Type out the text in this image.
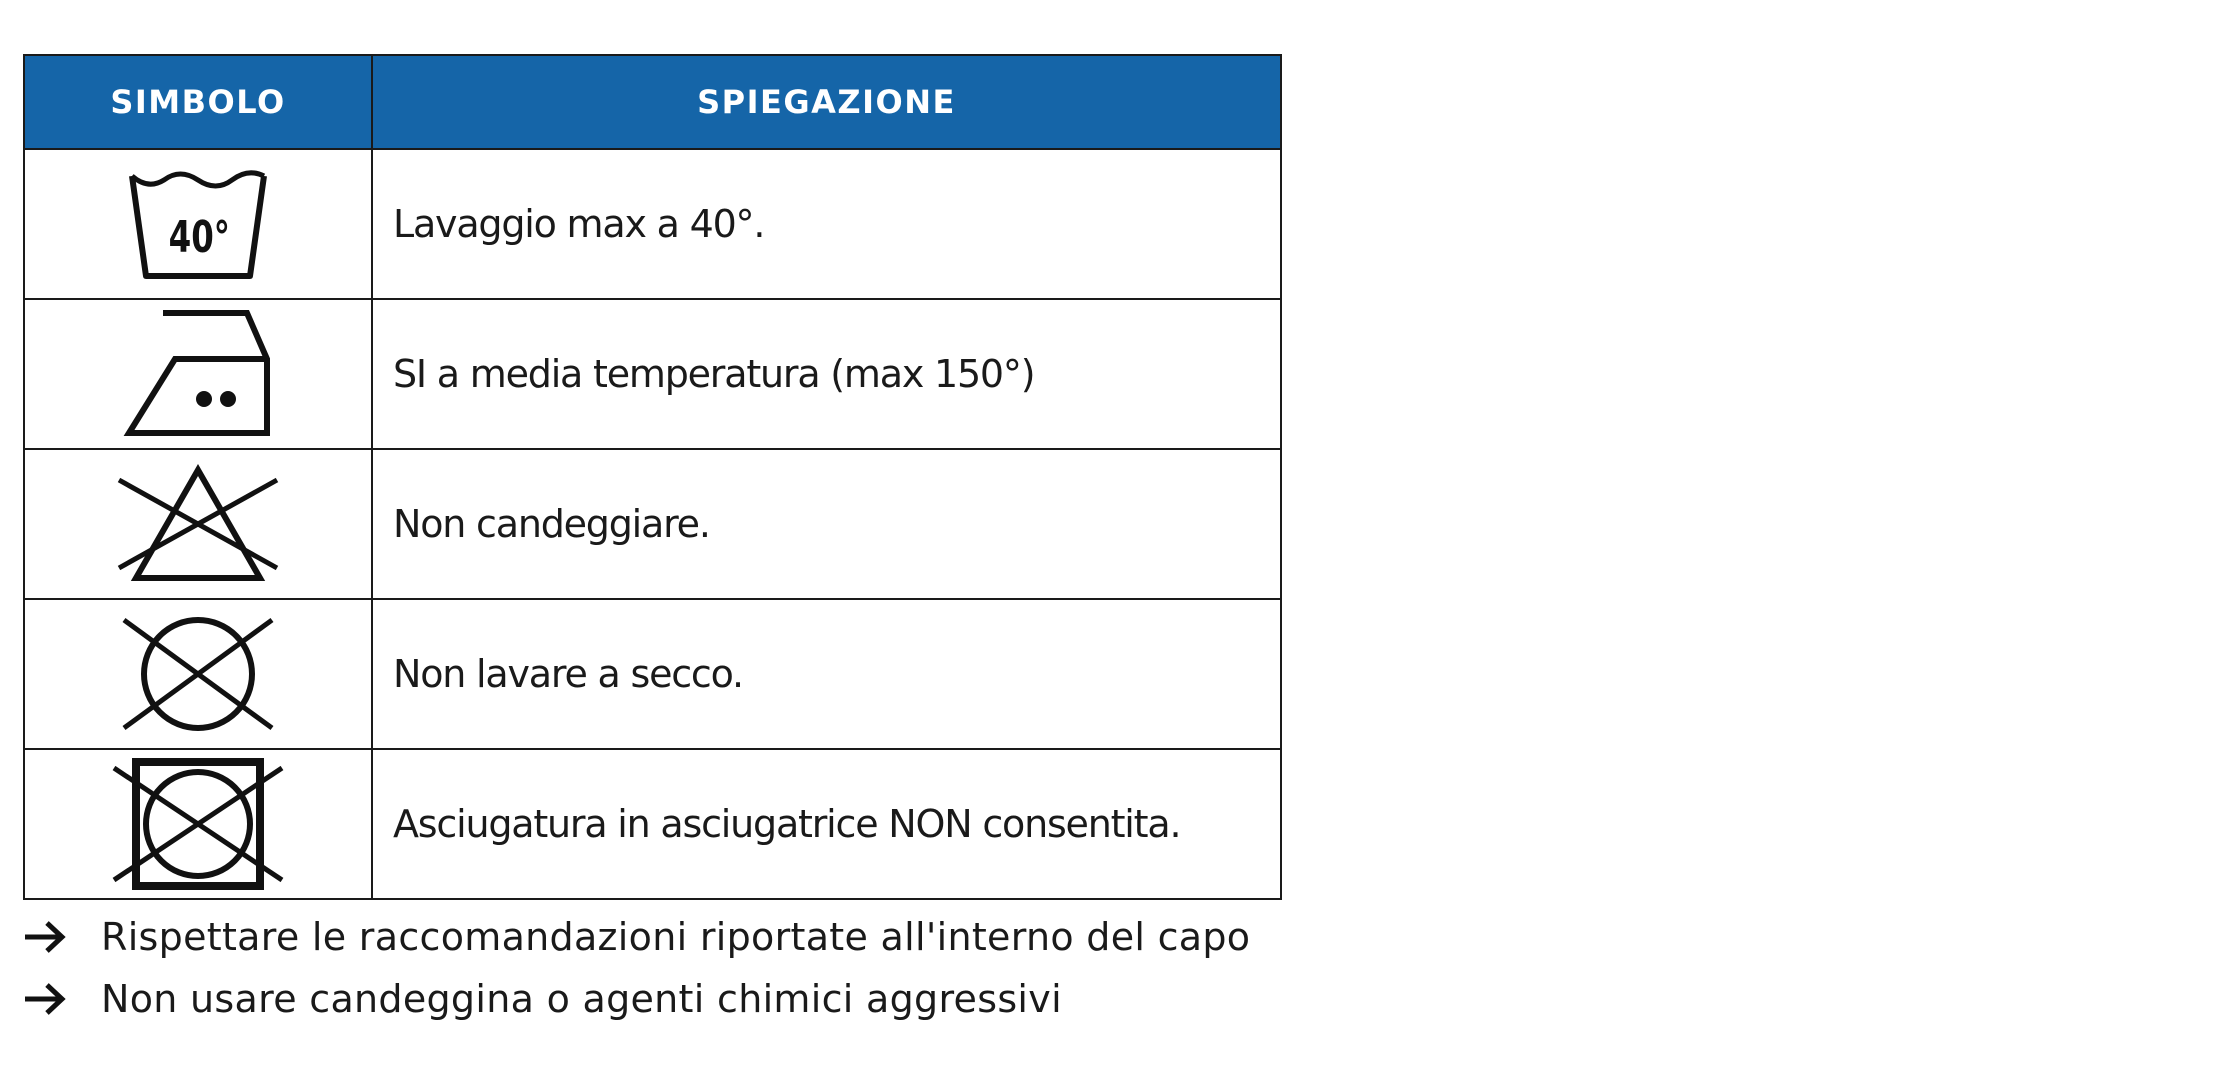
SIMBOLO	SPIEGAZIONE

40°	Lavaggio max a 40°.

	SI a media temperatura (max 150°)

	Non candeggiare.

	Non lavare a secco.

	Asciugatura in asciugatrice NON consentita.
Rispettare le raccomandazioni riportate all'interno del capo
Non usare candeggina o agenti chimici aggressivi
